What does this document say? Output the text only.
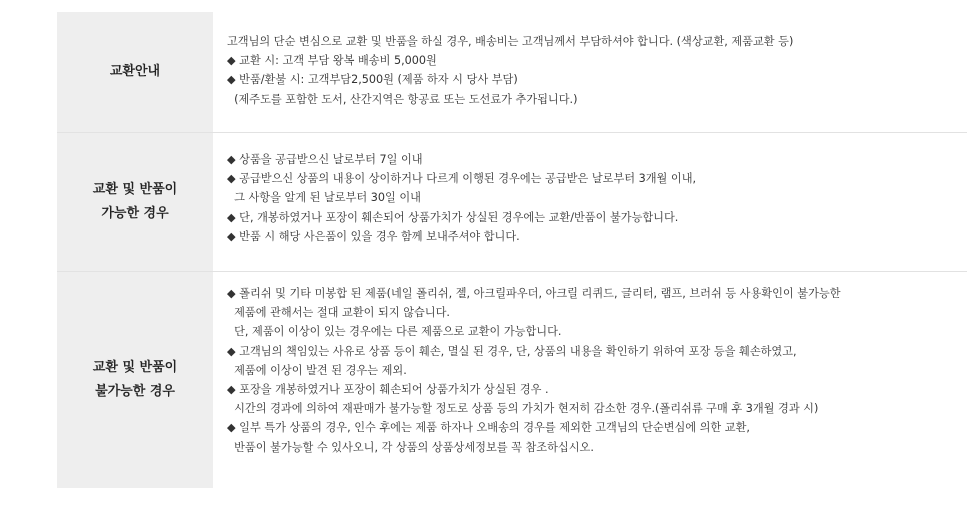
교환안내
고객님의 단순 변심으로 교환 및 반품을 하실 경우, 배송비는 고객님께서 부담하셔야 합니다. (색상교환, 제품교환 등)
◆ 교환 시: 고객 부담 왕복 배송비 5,000원
◆ 반품/환불 시: 고객부담2,500원 (제품 하자 시 당사 부담)
(제주도를 포함한 도서, 산간지역은 항공료 또는 도선료가 추가됩니다.)
교환 및 반품이
가능한 경우
◆ 상품을 공급받으신 날로부터 7일 이내
◆ 공급받으신 상품의 내용이 상이하거나 다르게 이행된 경우에는 공급받은 날로부터 3개월 이내,
그 사항을 알게 된 날로부터 30일 이내
◆ 단, 개봉하였거나 포장이 훼손되어 상품가치가 상실된 경우에는 교환/반품이 불가능합니다.
◆ 반품 시 해당 사은품이 있을 경우 함께 보내주셔야 합니다.
교환 및 반품이
불가능한 경우
◆ 폴리쉬 및 기타 미봉합 된 제품(네일 폴리쉬, 젤, 아크릴파우더, 아크릴 리퀴드, 글리터, 램프, 브러쉬 등 사용확인이 불가능한
제품에 관해서는 절대 교환이 되지 않습니다.
단, 제품이 이상이 있는 경우에는 다른 제품으로 교환이 가능합니다.
◆ 고객님의 책임있는 사유로 상품 등이 훼손, 멸실 된 경우, 단, 상품의 내용을 확인하기 위하여 포장 등을 훼손하였고,
제품에 이상이 발견 된 경우는 제외.
◆ 포장을 개봉하였거나 포장이 훼손되어 상품가치가 상실된 경우 .
시간의 경과에 의하여 재판매가 불가능할 정도로 상품 등의 가치가 현저히 감소한 경우.(폴리쉬류 구매 후 3개월 경과 시)
◆ 일부 특가 상품의 경우, 인수 후에는 제품 하자나 오배송의 경우를 제외한 고객님의 단순변심에 의한 교환,
반품이 불가능할 수 있사오니, 각 상품의 상품상세정보를 꼭 참조하십시오.
